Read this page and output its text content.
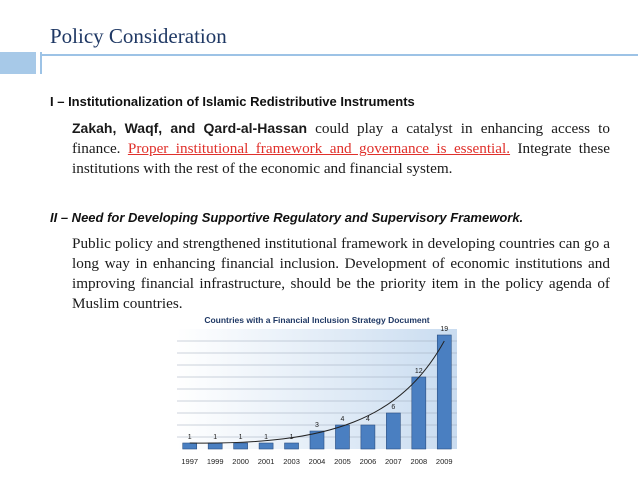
Policy Consideration
I – Institutionalization of Islamic Redistributive Instruments
Zakah, Waqf, and Qard-al-Hassan could play a catalyst in enhancing access to finance. Proper institutional framework and governance is essential. Integrate these institutions with the rest of the economic and financial system.
II – Need for Developing Supportive Regulatory and Supervisory Framework.
Public policy and strengthened institutional framework in developing countries can go a long way in enhancing financial inclusion. Development of economic institutions and improving financial infrastructure, should be the priority item in the policy agenda of Muslim countries.
Countries with a Financial Inclusion Strategy Document
1	1	1	1	1
3
4	4
6
12
19
1997 1999 2000 2001 2003 2004 2005 2006 2007 2008 2009
